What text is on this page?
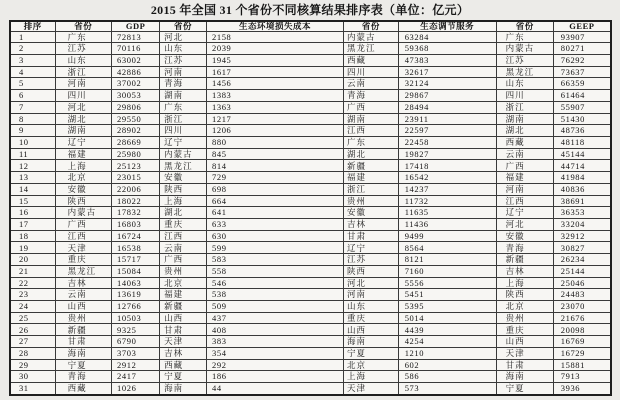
2015 年全国 31 个省份不同核算结果排序表（单位：亿元）
排序	省份	GDP	省份	生态环境损失成本	省份	生态调节服务	省份	GEEP
1	广东	72813	河北	2158	内蒙古	63284	广东	93907
2	江苏	70116	山东	2039	黑龙江	59368	内蒙古	80271
3	山东	63002	江苏	1945	西藏	47383	江苏	76292
4	浙江	42886	河南	1617	四川	32617	黑龙江	73637
5	河南	37002	青海	1456	云南	32124	山东	66359
6	四川	30053	湖南	1383	青海	29867	四川	61464
7	河北	29806	广东	1363	广西	28494	浙江	55907
8	湖北	29550	浙江	1217	湖南	23911	湖南	51430
9	湖南	28902	四川	1206	江西	22597	湖北	48736
10	辽宁	28669	辽宁	880	广东	22458	西藏	48118
11	福建	25980	内蒙古	845	湖北	19827	云南	45144
12	上海	25123	黑龙江	814	新疆	17418	广西	44714
13	北京	23015	安徽	729	福建	16542	福建	41984
14	安徽	22006	陕西	698	浙江	14237	河南	40836
15	陕西	18022	上海	664	贵州	11732	江西	38691
16	内蒙古	17832	湖北	641	安徽	11635	辽宁	36353
17	广西	16803	重庆	633	吉林	11436	河北	33204
18	江西	16724	江西	630	甘肃	9499	安徽	32912
19	天津	16538	云南	599	辽宁	8564	青海	30827
20	重庆	15717	广西	583	江苏	8121	新疆	26234
21	黑龙江	15084	贵州	558	陕西	7160	吉林	25144
22	吉林	14063	北京	546	河北	5556	上海	25046
23	云南	13619	福建	538	河南	5451	陕西	24483
24	山西	12766	新疆	509	山东	5395	北京	23070
25	贵州	10503	山西	437	重庆	5014	贵州	21676
26	新疆	9325	甘肃	408	山西	4439	重庆	20098
27	甘肃	6790	天津	383	海南	4254	山西	16769
28	海南	3703	吉林	354	宁夏	1210	天津	16729
29	宁夏	2912	西藏	292	北京	602	甘肃	15881
30	青海	2417	宁夏	186	上海	586	海南	7913
31	西藏	1026	海南	44	天津	573	宁夏	3936
